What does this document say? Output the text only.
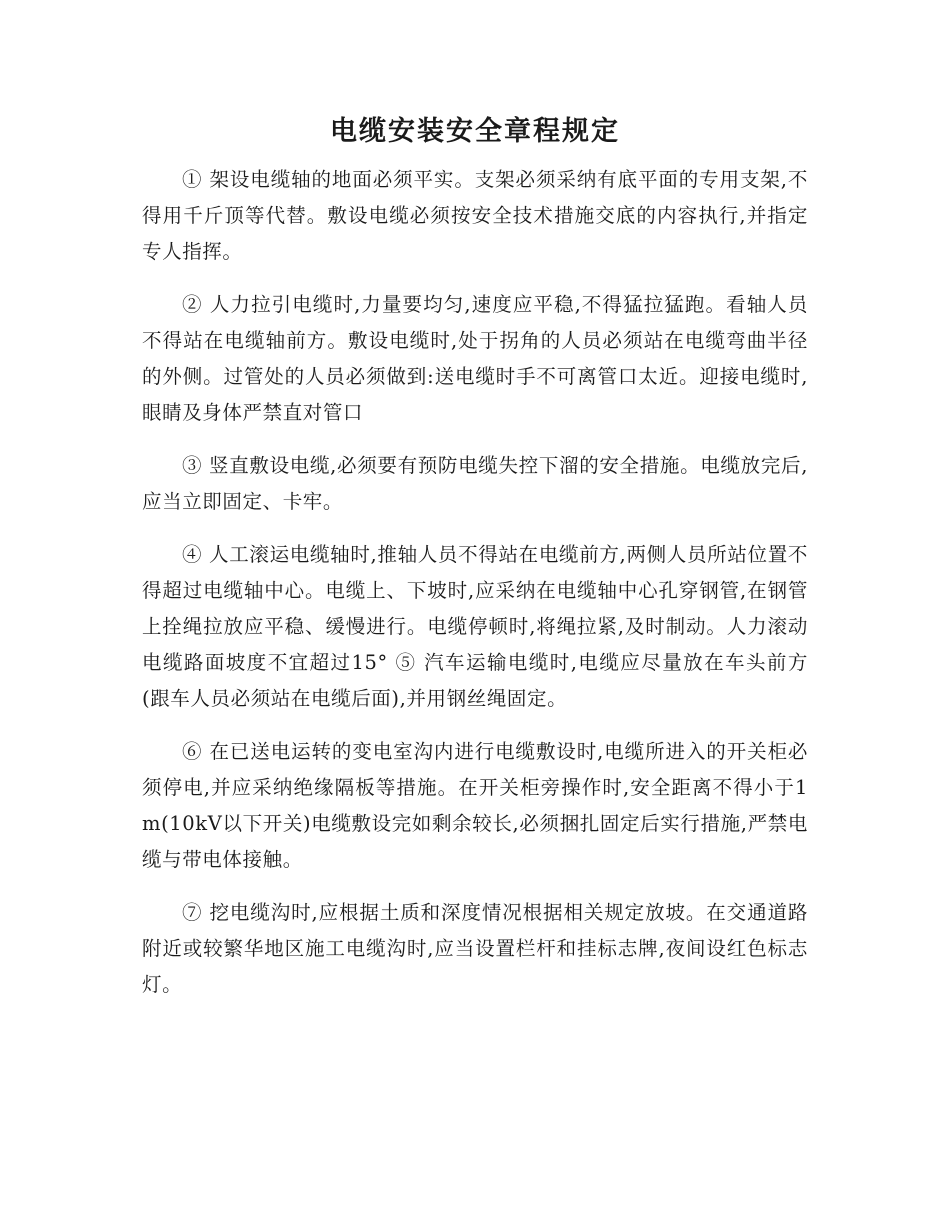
电缆安装安全章程规定

① 架设电缆轴的地面必须平实。支架必须采纳有底平面的专用支架,不得用千斤顶等代替。敷设电缆必须按安全技术措施交底的内容执行,并指定专人指挥。

② 人力拉引电缆时,力量要均匀,速度应平稳,不得猛拉猛跑。看轴人员不得站在电缆轴前方。敷设电缆时,处于拐角的人员必须站在电缆弯曲半径的外侧。过管处的人员必须做到:送电缆时手不可离管口太近。迎接电缆时,眼睛及身体严禁直对管口

③ 竖直敷设电缆,必须要有预防电缆失控下溜的安全措施。电缆放完后,应当立即固定、卡牢。

④ 人工滚运电缆轴时,推轴人员不得站在电缆前方,两侧人员所站位置不得超过电缆轴中心。电缆上、下坡时,应采纳在电缆轴中心孔穿钢管,在钢管上拴绳拉放应平稳、缓慢进行。电缆停顿时,将绳拉紧,及时制动。人力滚动电缆路面坡度不宜超过15° ⑤ 汽车运输电缆时,电缆应尽量放在车头前方(跟车人员必须站在电缆后面),并用钢丝绳固定。

⑥ 在已送电运转的变电室沟内进行电缆敷设时,电缆所进入的开关柜必须停电,并应采纳绝缘隔板等措施。在开关柜旁操作时,安全距离不得小于1m(10kV以下开关)电缆敷设完如剩余较长,必须捆扎固定后实行措施,严禁电缆与带电体接触。

⑦ 挖电缆沟时,应根据土质和深度情况根据相关规定放坡。在交通道路附近或较繁华地区施工电缆沟时,应当设置栏杆和挂标志牌,夜间设红色标志灯。
